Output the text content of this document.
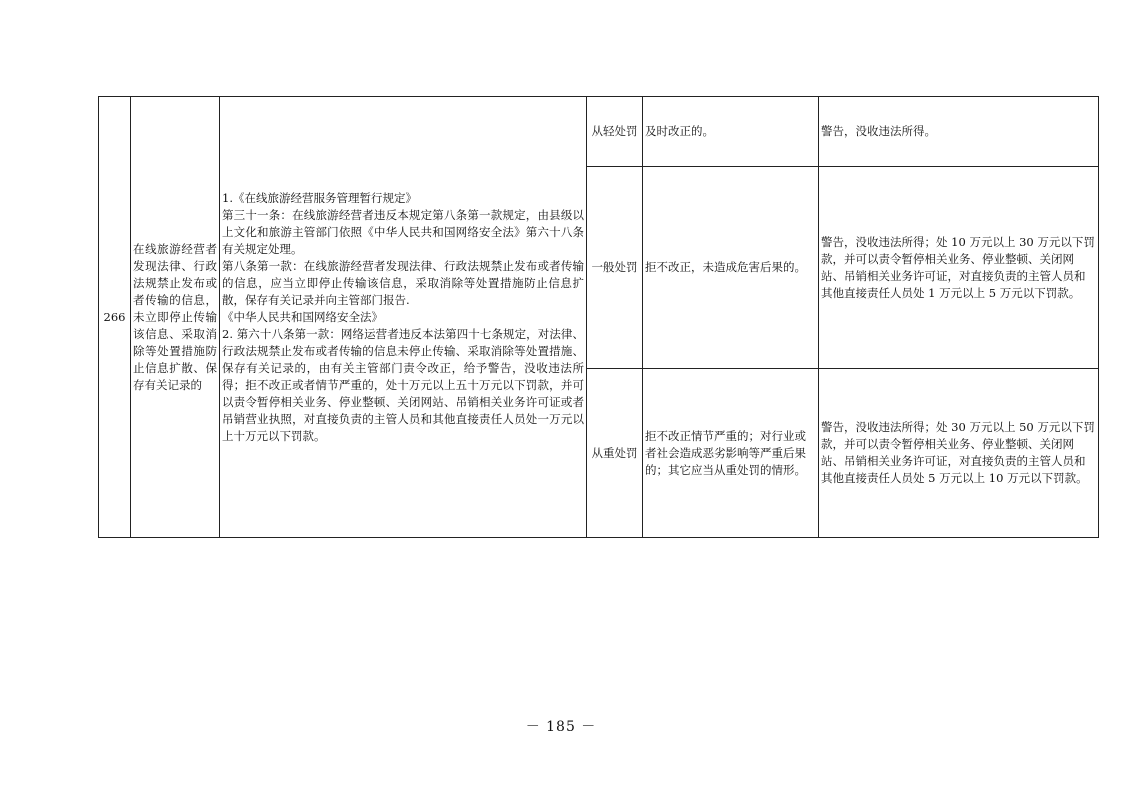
266	在线旅游经营者发现法律、行政法规禁止发布或者传输的信息，未立即停止传输该信息、采取消除等处置措施防止信息扩散、保存有关记录的	1.《在线旅游经营服务管理暂行规定》
第三十一条：在线旅游经营者违反本规定第八条第一款规定，由县级以上文化和旅游主管部门依照《中华人民共和国网络安全法》第六十八条有关规定处理。
第八条第一款：在线旅游经营者发现法律、行政法规禁止发布或者传输的信息，应当立即停止传输该信息，采取消除等处置措施防止信息扩散，保存有关记录并向主管部门报告.
《中华人民共和国网络安全法》
2. 第六十八条第一款：网络运营者违反本法第四十七条规定，对法律、行政法规禁止发布或者传输的信息未停止传输、采取消除等处置措施、保存有关记录的，由有关主管部门责令改正，给予警告，没收违法所得；拒不改正或者情节严重的，处十万元以上五十万元以下罚款，并可以责令暂停相关业务、停业整顿、关闭网站、吊销相关业务许可证或者吊销营业执照，对直接负责的主管人员和其他直接责任人员处一万元以上十万元以下罚款。	从轻处罚	及时改正的。	警告，没收违法所得。
			一般处罚	拒不改正，未造成危害后果的。	警告，没收违法所得；处 10 万元以上 30 万元以下罚款，并可以责令暂停相关业务、停业整顿、关闭网站、吊销相关业务许可证，对直接负责的主管人员和其他直接责任人员处 1 万元以上 5 万元以下罚款。
			从重处罚	拒不改正情节严重的；对行业或者社会造成恶劣影响等严重后果的；其它应当从重处罚的情形。	警告，没收违法所得；处 30 万元以上 50 万元以下罚款，并可以责令暂停相关业务、停业整顿、关闭网站、吊销相关业务许可证，对直接负责的主管人员和其他直接责任人员处 5 万元以上 10 万元以下罚款。
－ 185 －
